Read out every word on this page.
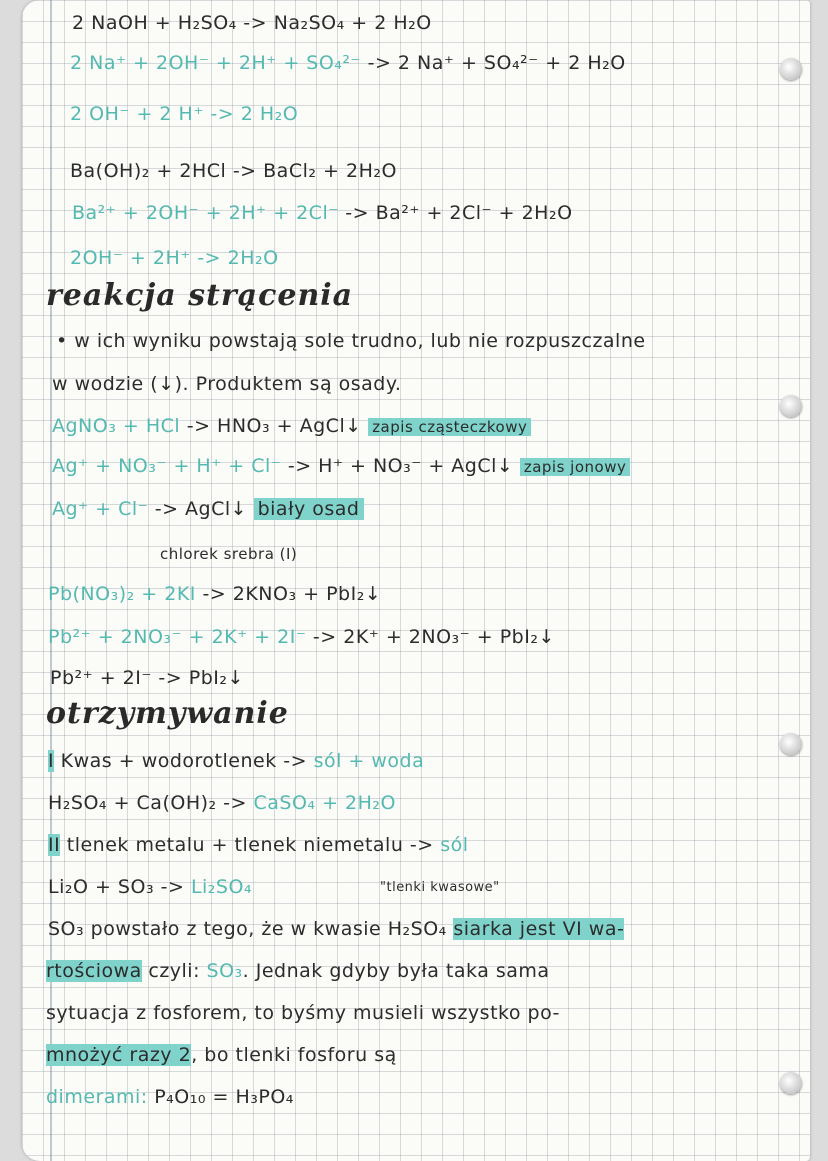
2 NaOH + H₂SO₄ -> Na₂SO₄ + 2 H₂O
2 Na⁺ + 2OH⁻ + 2H⁺ + SO₄²⁻ -> 2 Na⁺ + SO₄²⁻ + 2 H₂O
2 OH⁻ + 2 H⁺ -> 2 H₂O
Ba(OH)₂ + 2HCl -> BaCl₂ + 2H₂O
Ba²⁺ + 2OH⁻ + 2H⁺ + 2Cl⁻ -> Ba²⁺ + 2Cl⁻ + 2H₂O
2OH⁻ + 2H⁺ -> 2H₂O
reakcja strącenia
• w ich wyniku powstają sole trudno, lub nie rozpuszczalne
w wodzie (↓). Produktem są osady.
AgNO₃ + HCl -> HNO₃ + AgCl↓ zapis cząsteczkowy
Ag⁺ + NO₃⁻ + H⁺ + Cl⁻ -> H⁺ + NO₃⁻ + AgCl↓ zapis jonowy
Ag⁺ + Cl⁻ -> AgCl↓ biały osad
chlorek srebra (I)
Pb(NO₃)₂ + 2KI -> 2KNO₃ + PbI₂↓
Pb²⁺ + 2NO₃⁻ + 2K⁺ + 2I⁻ -> 2K⁺ + 2NO₃⁻ + PbI₂↓
Pb²⁺ + 2I⁻ -> PbI₂↓
otrzymywanie
I Kwas + wodorotlenek -> sól + woda
H₂SO₄ + Ca(OH)₂ -> CaSO₄ + 2H₂O
II tlenek metalu + tlenek niemetalu -> sól
Li₂O + SO₃ -> Li₂SO₄	"tlenki kwasowe"
SO₃ powstało z tego, że w kwasie H₂SO₄ siarka jest VI wa-
rtościowa czyli: SO₃. Jednak gdyby była taka sama
sytuacja z fosforem, to byśmy musieli wszystko po-
mnożyć razy 2, bo tlenki fosforu są
dimerami: P₄O₁₀ = H₃PO₄
